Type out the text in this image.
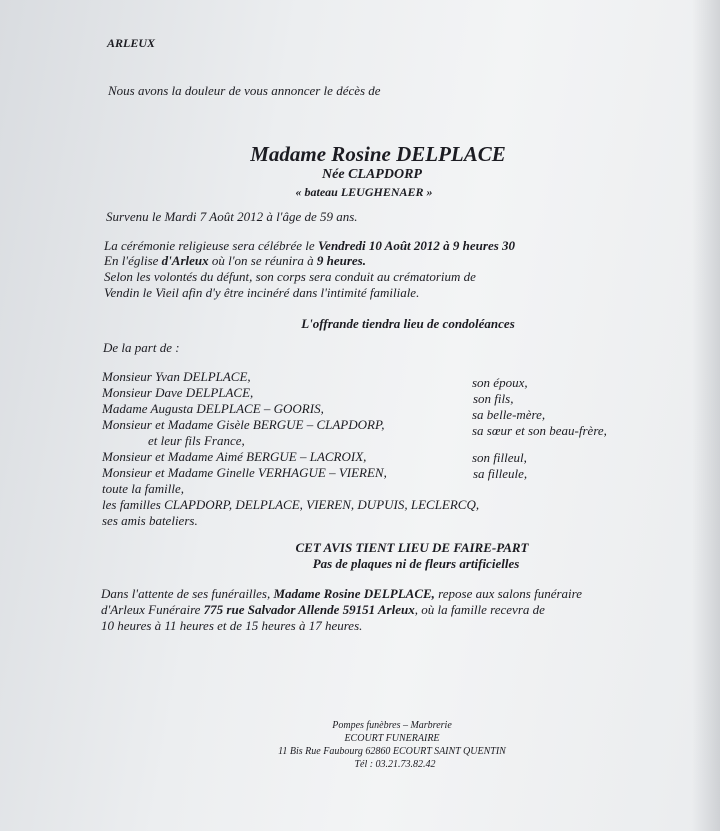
ARLEUX
Nous avons la douleur de vous annoncer le décès de
Madame Rosine DELPLACE
Née CLAPDORP
« bateau LEUGHENAER »
Survenu le Mardi 7 Août 2012 à l'âge de 59 ans.
La cérémonie religieuse sera célébrée le Vendredi 10 Août 2012 à 9 heures 30
En l'église d'Arleux où l'on se réunira à 9 heures.
Selon les volontés du défunt, son corps sera conduit au crématorium de
Vendin le Vieil afin d'y être incinéré dans l'intimité familiale.
L'offrande tiendra lieu de condoléances
De la part de :
Monsieur Yvan DELPLACE,
Monsieur Dave DELPLACE,
Madame Augusta DELPLACE – GOORIS,
Monsieur et Madame Gisèle BERGUE – CLAPDORP,
et leur fils France,
Monsieur et Madame Aimé BERGUE – LACROIX,
Monsieur et Madame Ginelle VERHAGUE – VIEREN,
toute la famille,
les familles CLAPDORP, DELPLACE, VIEREN, DUPUIS, LECLERCQ,
ses amis bateliers.
son époux,
son fils,
sa belle-mère,
sa sœur et son beau-frère,
son filleul,
sa filleule,
CET AVIS TIENT LIEU DE FAIRE-PART
Pas de plaques ni de fleurs artificielles
Dans l'attente de ses funérailles, Madame Rosine DELPLACE, repose aux salons funéraire
d'Arleux Funéraire 775 rue Salvador Allende 59151 Arleux, où la famille recevra de
10 heures à 11 heures et de 15 heures à 17 heures.
Pompes funèbres – Marbrerie
ECOURT FUNERAIRE
11 Bis Rue Faubourg 62860 ECOURT SAINT QUENTIN
Tél : 03.21.73.82.42
